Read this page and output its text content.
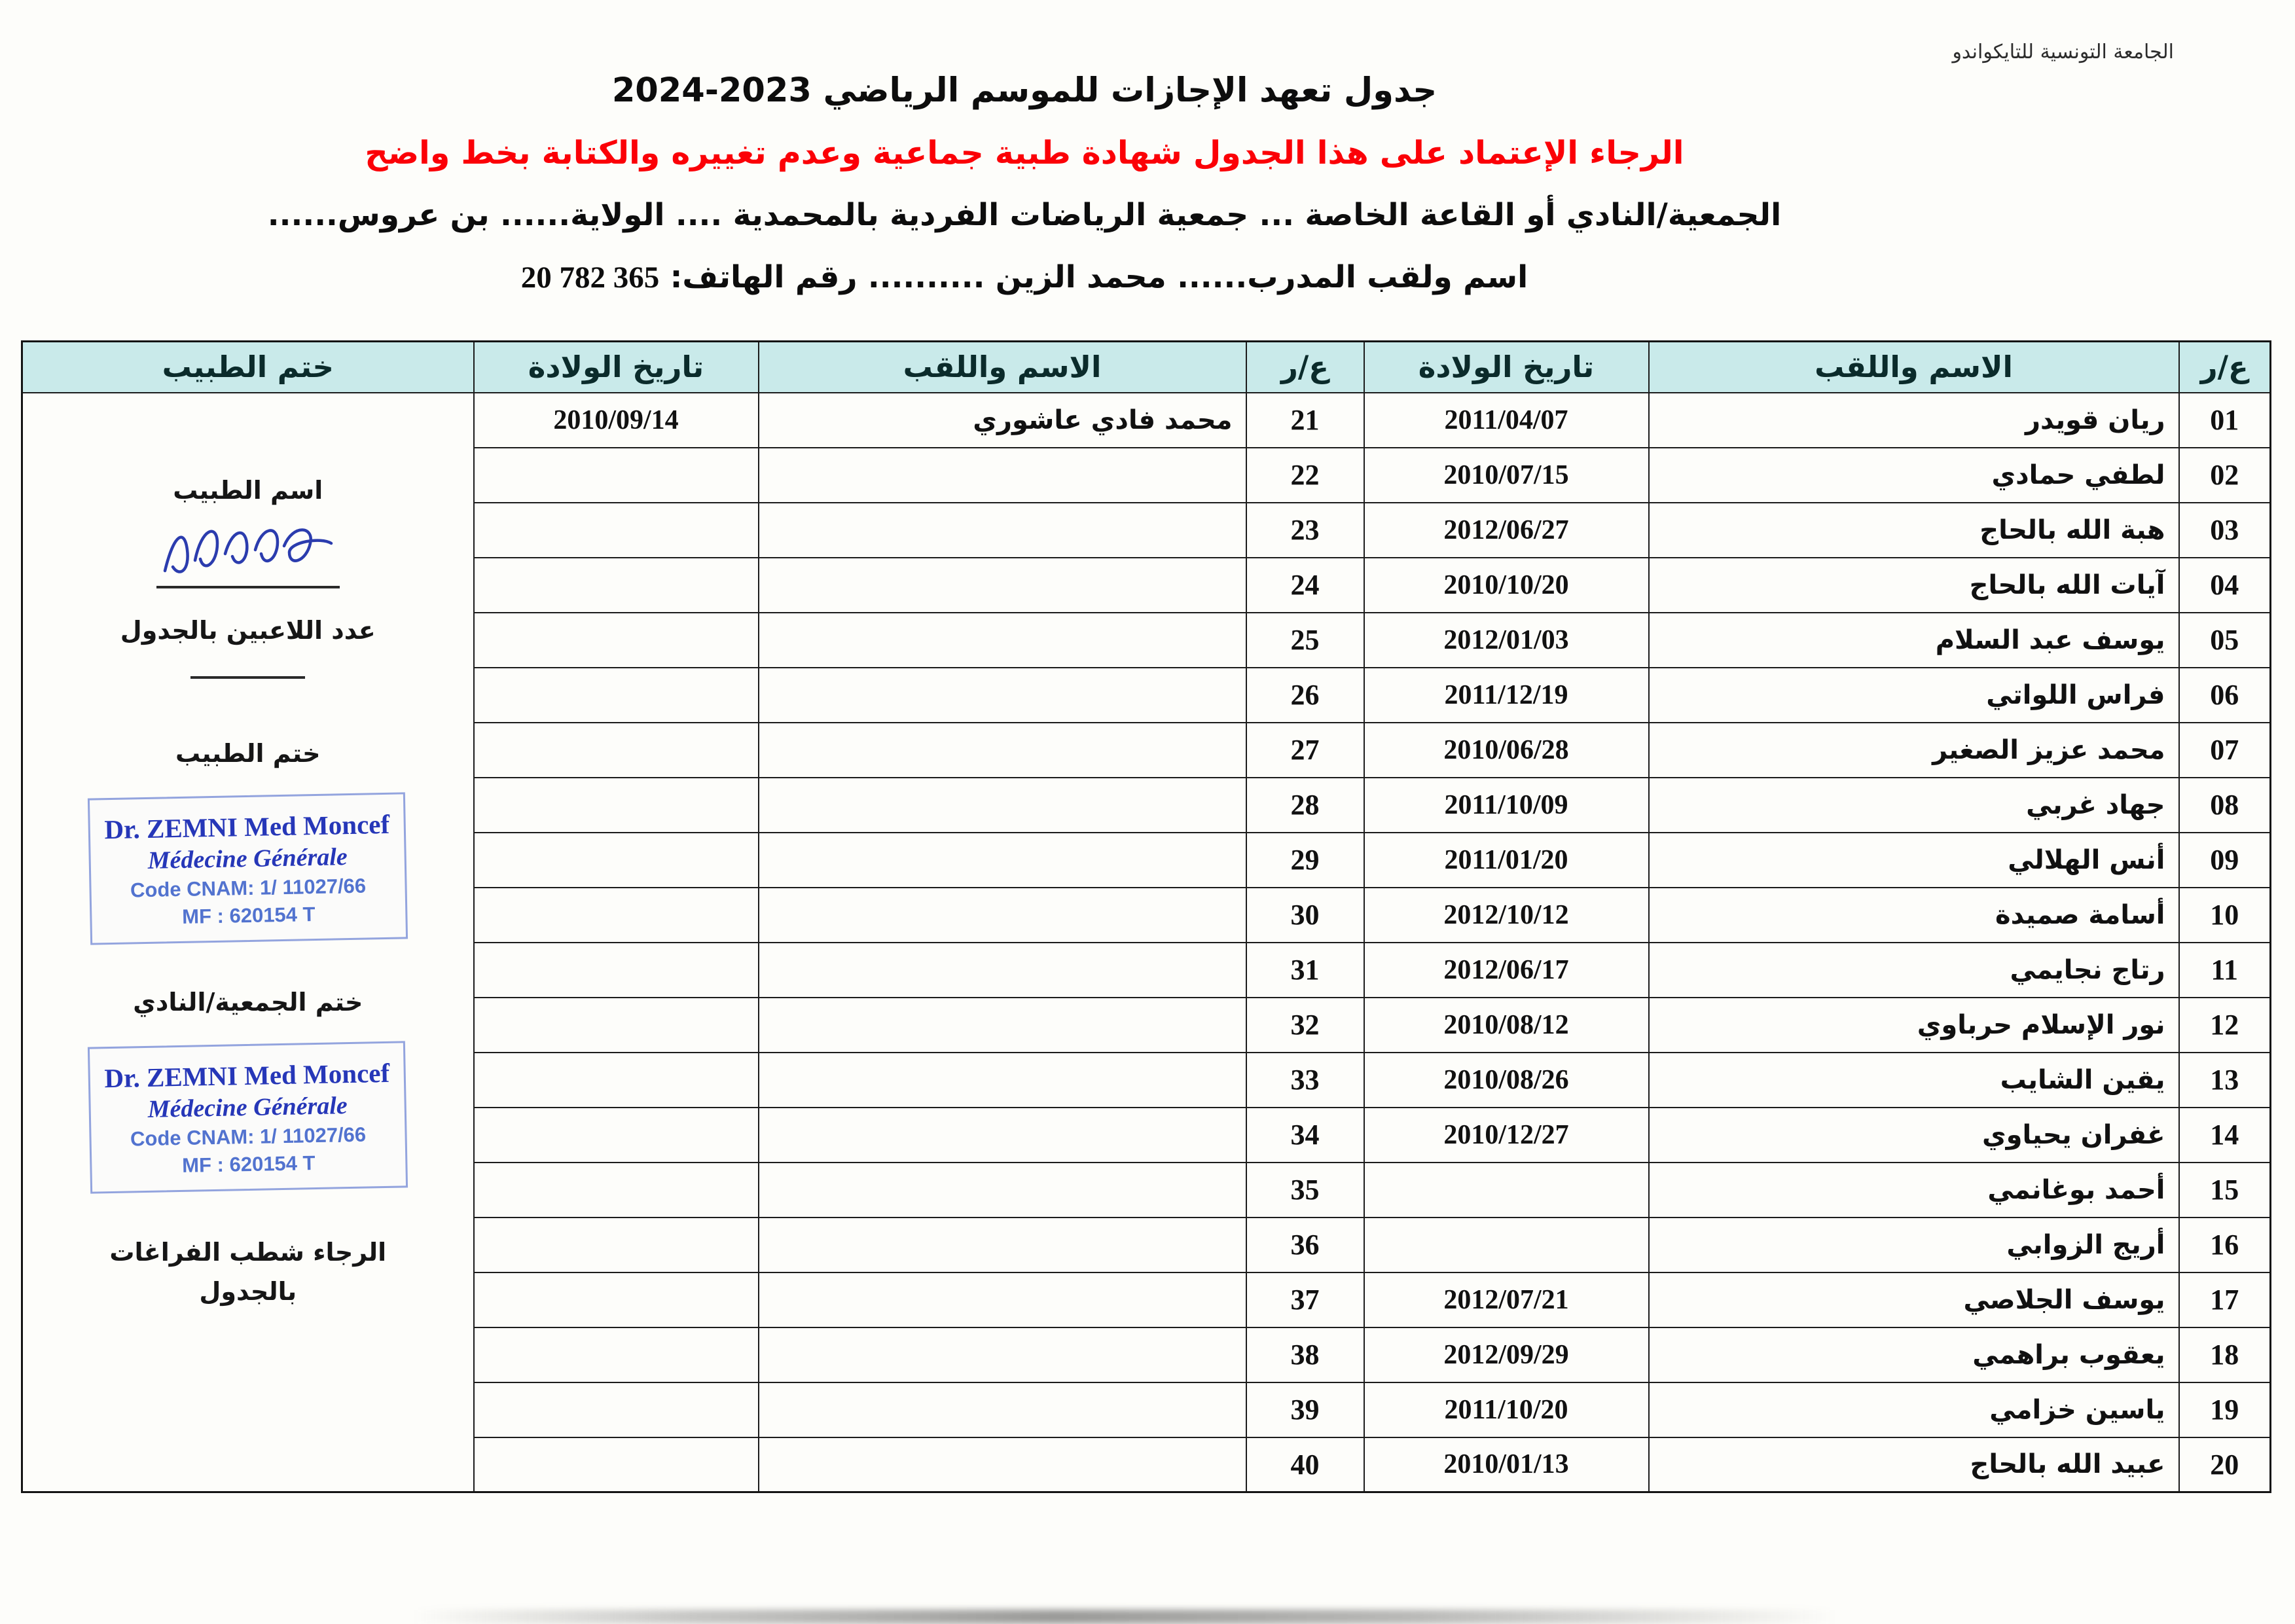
الجامعة التونسية للتايكواندو
جدول تعهد الإجازات للموسم الرياضي 2024-2023
الرجاء الإعتماد على هذا الجدول شهادة طبية جماعية وعدم تغييره والكتابة بخط واضح
الجمعية/النادي أو القاعة الخاصة ... جمعية الرياضات الفردية بالمحمدية .... الولاية...... بن عروس......
اسم ولقب المدرب...... محمد الزين .......... رقم الهاتف: 20 782 365
ع/ر	الاسم واللقب	تاريخ الولادة	ع/ر	الاسم واللقب	تاريخ الولادة	ختم الطبيب
01	ريان قويدر	2011/04/07	21	محمد فادي عاشوري	2010/09/14	
اسم الطبيب
عدد اللاعبين بالجدول
ختم الطبيب
Dr. ZEMNI Med Moncef
Médecine Générale
Code CNAM: 1/ 11027/66
MF : 620154 T
ختم الجمعية/النادي
Dr. ZEMNI Med Moncef
Médecine Générale
Code CNAM: 1/ 11027/66
MF : 620154 T
الرجاء شطب الفراغات
بالجدول

02	لطفي حمادي	2010/07/15	22			
03	هبة الله بالحاج	2012/06/27	23			
04	آيات الله بالحاج	2010/10/20	24			
05	يوسف عبد السلام	2012/01/03	25			
06	فراس اللواتي	2011/12/19	26			
07	محمد عزيز الصغير	2010/06/28	27			
08	جهاد غربي	2011/10/09	28			
09	أنس الهلالي	2011/01/20	29			
10	أسامة صميدة	2012/10/12	30			
11	رتاج نجايمي	2012/06/17	31			
12	نور الإسلام حرباوي	2010/08/12	32			
13	يقين الشايب	2010/08/26	33			
14	غفران يحياوي	2010/12/27	34			
15	أحمد بوغانمي		35			
16	أريج الزوابي		36			
17	يوسف الجلاصي	2012/07/21	37			
18	يعقوب براهمي	2012/09/29	38			
19	ياسين خزامي	2011/10/20	39			
20	عبيد الله بالحاج	2010/01/13	40			
